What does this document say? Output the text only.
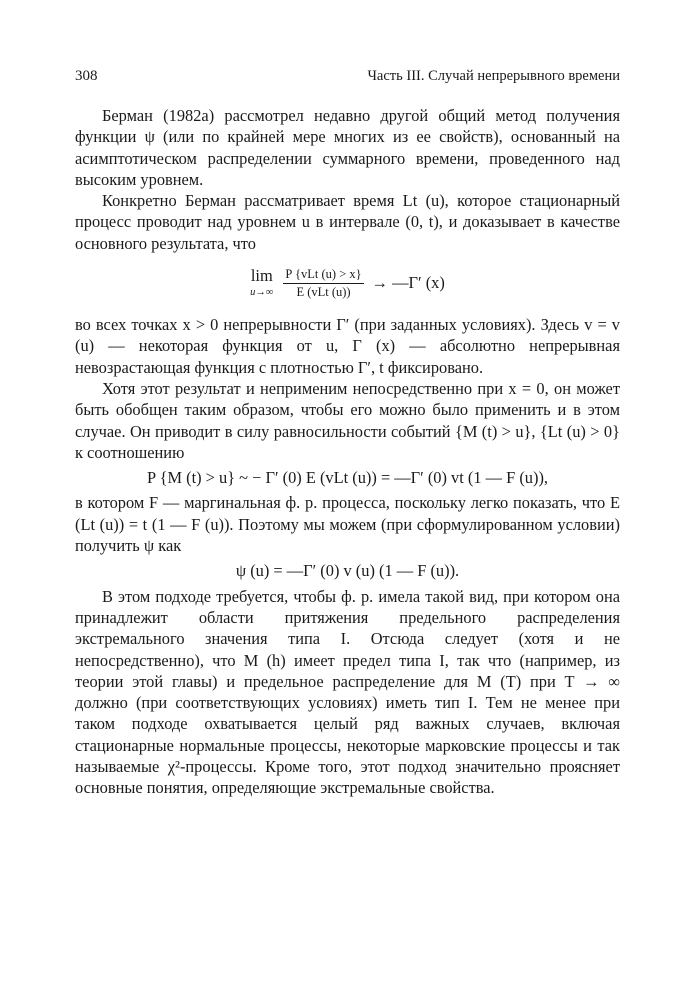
308	Часть III. Случай непрерывного времени

Берман (1982а) рассмотрел недавно другой общий метод получения функции ψ (или по крайней мере многих из ее свойств), основанный на асимптотическом распределении суммарного времени, проведенного над высоким уровнем.

Конкретно Берман рассматривает время Lt (u), которое стационарный процесс проводит над уровнем u в интервале (0, t), и доказывает в качестве основного результата, что

lim
$u\to\infty \frac{\text{P \{vLt (u) > x\}}}{\text{E (vLt (u))}}$ → —Γ′ (x)

во всех точках x > 0 непрерывности Γ′ (при заданных условиях). Здесь v = v (u) — некоторая функция от u, Γ (x) — абсолютно непрерывная невозрастающая функция с плотностью Γ′, t фиксировано.

Хотя этот результат и неприменим непосредственно при x = 0, он может быть обобщен таким образом, чтобы его можно было применить и в этом случае. Он приводит в силу равносильности событий {M (t) > u}, {Lt (u) > 0} к соотношению

P {M (t) > u} ~ − Γ′ (0) E (vLt (u)) = —Γ′ (0) vt (1 — F (u)),

в котором F — маргинальная ф. р. процесса, поскольку легко показать, что E (Lt (u)) = t (1 — F (u)). Поэтому мы можем (при сформулированном условии) получить ψ как

ψ (u) = —Γ′ (0) v (u) (1 — F (u)).

В этом подходе требуется, чтобы ф. р. имела такой вид, при котором она принадлежит области притяжения предельного распределения экстремального значения типа I. Отсюда следует (хотя и не непосредственно), что M (h) имеет предел типа I, так что (например, из теории этой главы) и предельное распределение для M (T) при T → ∞ должно (при соответствующих условиях) иметь тип I. Тем не менее при таком подходе охватывается целый ряд важных случаев, включая стационарные нормальные процессы, некоторые марковские процессы и так называемые χ²-процессы. Кроме того, этот подход значительно проясняет основные понятия, определяющие экстремальные свойства.
